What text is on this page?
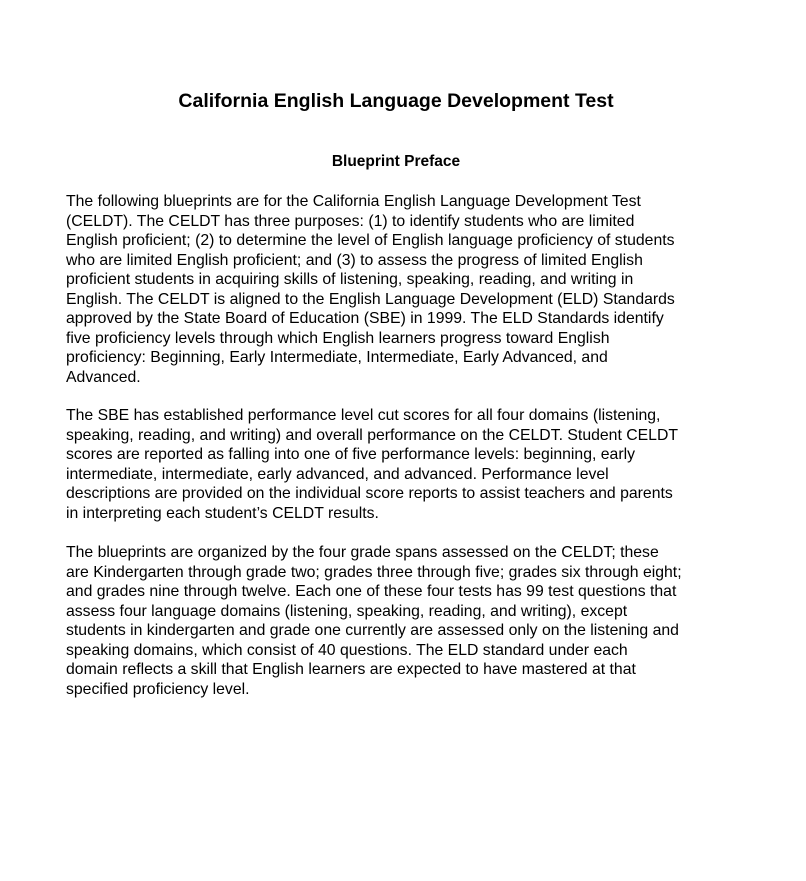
California English Language Development Test
Blueprint Preface

The following blueprints are for the California English Language Development Test
(CELDT). The CELDT has three purposes: (1) to identify students who are limited
English proficient; (2) to determine the level of English language proficiency of students
who are limited English proficient; and (3) to assess the progress of limited English
proficient students in acquiring skills of listening, speaking, reading, and writing in
English. The CELDT is aligned to the English Language Development (ELD) Standards
approved by the State Board of Education (SBE) in 1999. The ELD Standards identify
five proficiency levels through which English learners progress toward English
proficiency: Beginning, Early Intermediate, Intermediate, Early Advanced, and
Advanced.

The SBE has established performance level cut scores for all four domains (listening,
speaking, reading, and writing) and overall performance on the CELDT. Student CELDT
scores are reported as falling into one of five performance levels: beginning, early
intermediate, intermediate, early advanced, and advanced. Performance level
descriptions are provided on the individual score reports to assist teachers and parents
in interpreting each student’s CELDT results.

The blueprints are organized by the four grade spans assessed on the CELDT; these
are Kindergarten through grade two; grades three through five; grades six through eight;
and grades nine through twelve. Each one of these four tests has 99 test questions that
assess four language domains (listening, speaking, reading, and writing), except
students in kindergarten and grade one currently are assessed only on the listening and
speaking domains, which consist of 40 questions. The ELD standard under each
domain reflects a skill that English learners are expected to have mastered at that
specified proficiency level.
